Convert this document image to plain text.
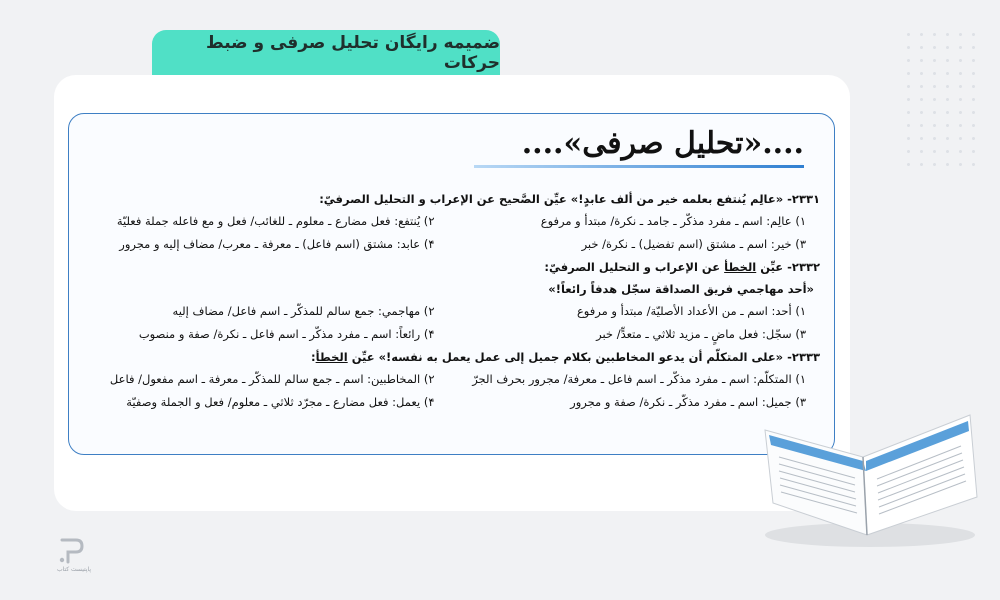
ضمیمه رایگان تحلیل صرفی و ضبط حرکات
....«تحلیل صرفی»....
۲۳۳۱- «عالِم يُنتفع بعلمه خير من ألف عابدٍ!» عيِّن الصَّحيح عن الإعراب و التحليل الصرفيّ:
۱) عالِم: اسم ـ مفرد مذكّر ـ جامد ـ نكرة/ مبتدأ و مرفوع
۲) يُنتفع: فعل مضارع ـ معلوم ـ للغائب/ فعل و مع فاعله جملة فعليّة
۳) خير: اسم ـ مشتق (اسم تفضيل) ـ نكرة/ خبر
۴) عابد: مشتق (اسم فاعل) ـ معرفة ـ معرب/ مضاف إليه و مجرور
۲۳۳۲- عيِّن الخطأ عن الإعراب و التحليل الصرفيّ:
«أحد مهاجمي فريق الصداقة سجّل هدفاً رائعاً!»
۱) أحد: اسم ـ من الأعداد الأصليّة/ مبتدأ و مرفوع
۲) مهاجمي: جمع سالم للمذكّر ـ اسم فاعل/ مضاف إليه
۳) سجّل: فعل ماضٍ ـ مزيد ثلاثي ـ متعدٍّ/ خبر
۴) رائعاً: اسم ـ مفرد مذكّر ـ اسم فاعل ـ نكرة/ صفة و منصوب
۲۳۳۳- «على المتكلّم أن يدعو المخاطبين بكلام جميل إلى عمل يعمل به نفسه!» عيِّن الخطأ:
۱) المتكلّم: اسم ـ مفرد مذكّر ـ اسم فاعل ـ معرفة/ مجرور بحرف الجرّ
۲) المخاطبين: اسم ـ جمع سالم للمذكّر ـ معرفة ـ اسم مفعول/ فاعل
۳) جميل: اسم ـ مفرد مذكّر ـ نكرة/ صفة و مجرور
۴) يعمل: فعل مضارع ـ مجرّد ثلاثي ـ معلوم/ فعل و الجملة وصفيّة
پاپتیست کتاب
